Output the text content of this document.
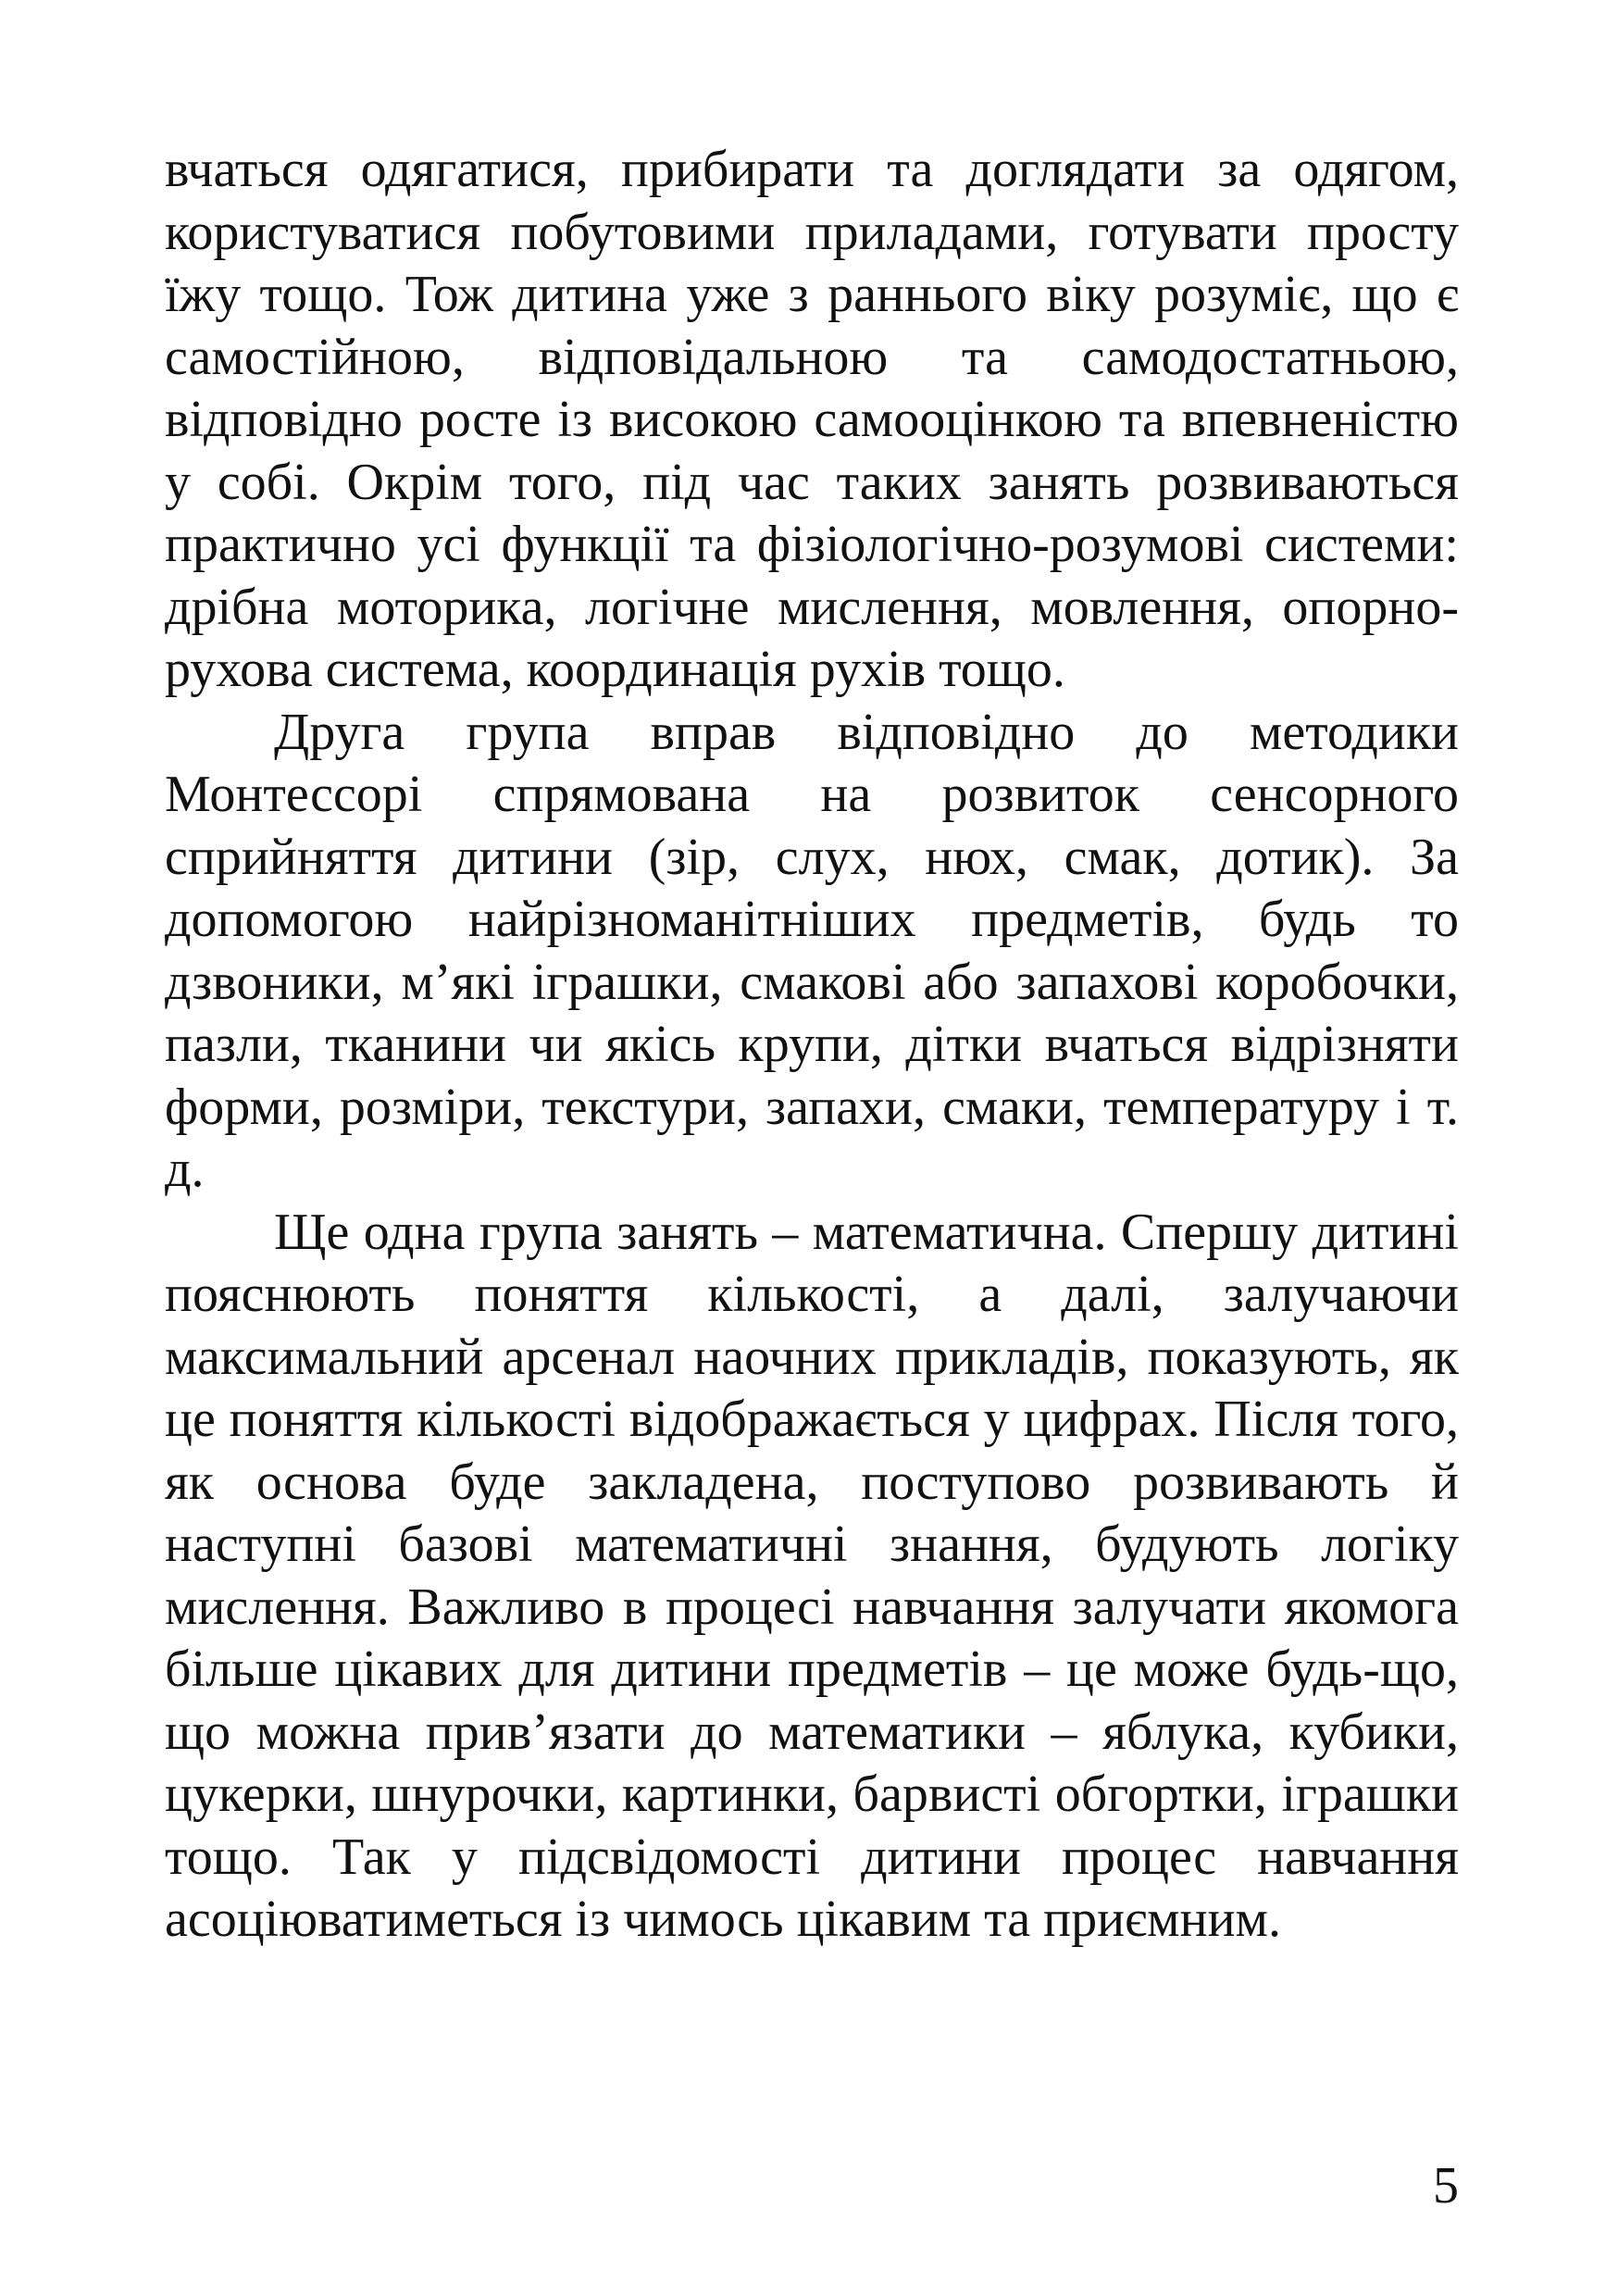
вчаться одягатися, прибирати та доглядати за одягом, користуватися побутовими приладами, готувати просту їжу тощо. Тож дитина уже з раннього віку розуміє, що є самостійною, відповідальною та самодостатньою, відповідно росте із високою самооцінкою та впевненістю у собі. Окрім того, під час таких занять розвиваються практично усі функції та фізіологічно-розумові системи: дрібна моторика, логічне мислення, мовлення, опорно-рухова система, координація рухів тощо.

Друга група вправ відповідно до методики Монтессорі спрямована на розвиток сенсорного сприйняття дитини (зір, слух, нюх, смак, дотик). За допомогою найрізноманітніших предметів, будь то дзвоники, м’які іграшки, смакові або запахові коробочки, пазли, тканини чи якісь крупи, дітки вчаться відрізняти форми, розміри, текстури, запахи, смаки, температуру і т. д.

Ще одна група занять – математична. Спершу дитині пояснюють поняття кількості, а далі, залучаючи максимальний арсенал наочних прикладів, показують, як це поняття кількості відображається у цифрах. Після того, як основа буде закладена, поступово розвивають й наступні базові математичні знання, будують логіку мислення. Важливо в процесі навчання залучати якомога більше цікавих для дитини предметів – це може будь-що, що можна прив’язати до математики – яблука, кубики, цукерки, шнурочки, картинки, барвисті обгортки, іграшки тощо. Так у підсвідомості дитини процес навчання асоціюватиметься із чимось цікавим та приємним.

5
